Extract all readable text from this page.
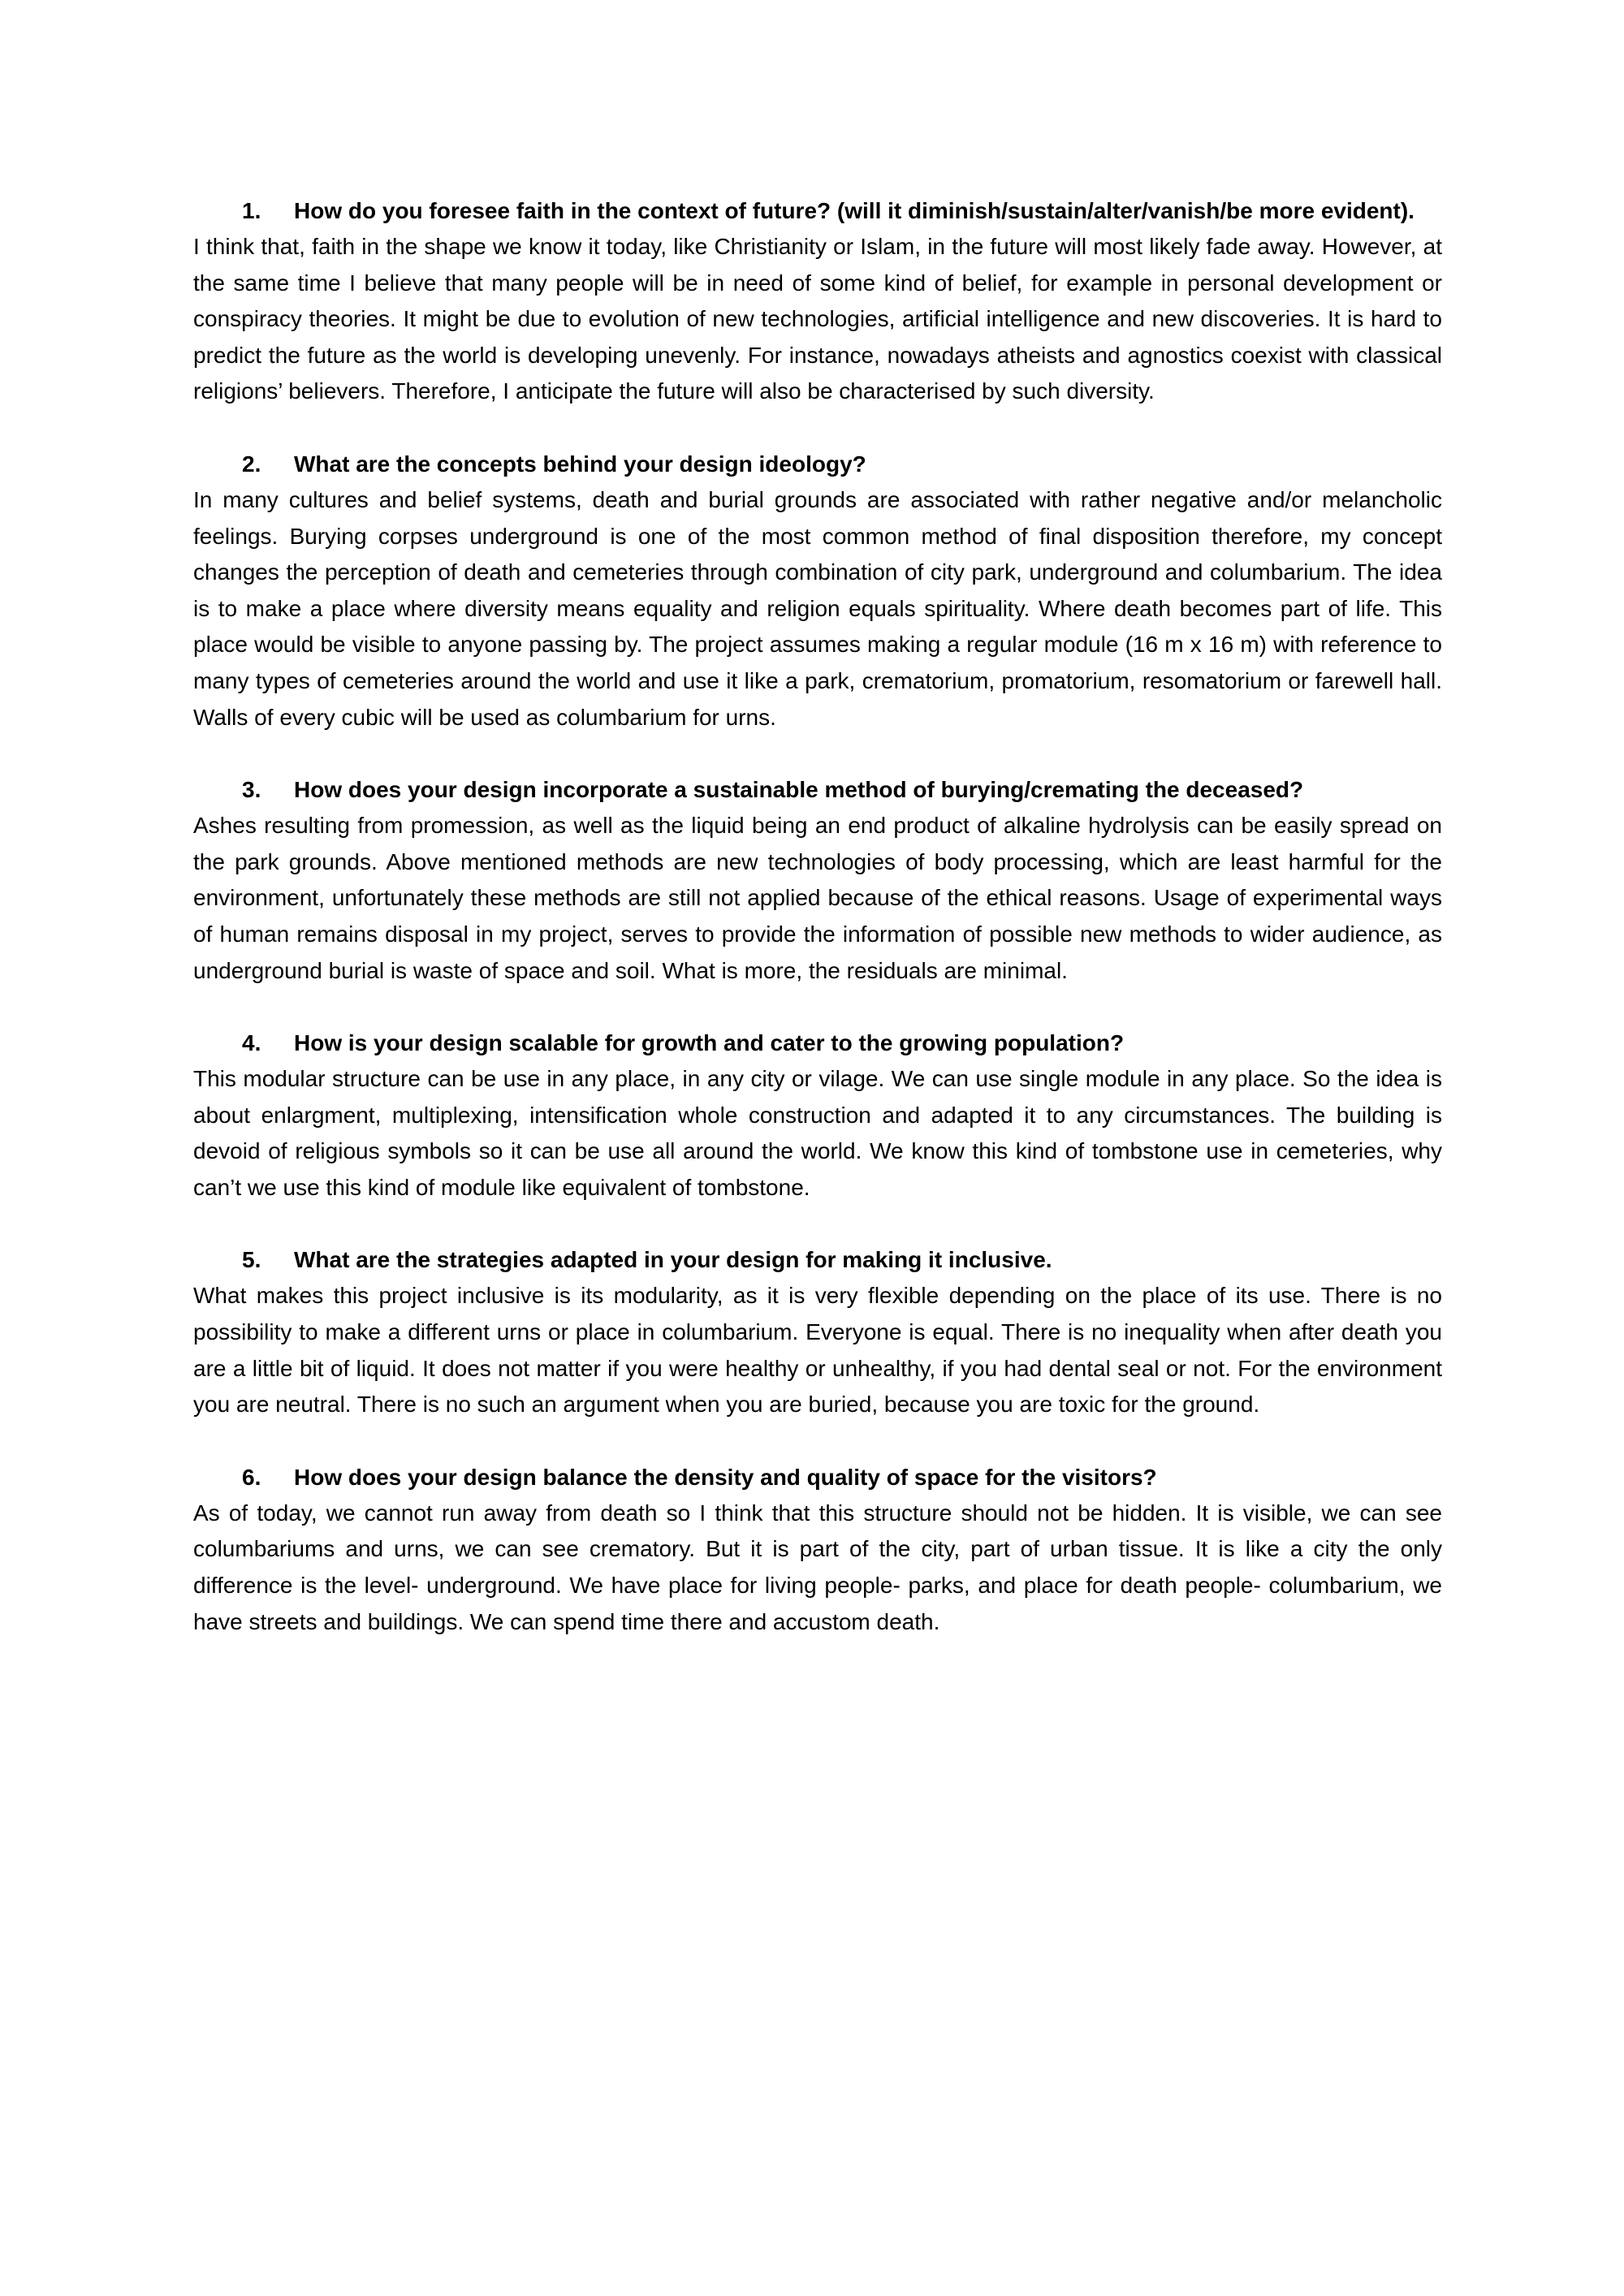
1.	How do you foresee faith in the context of future? (will it diminish/sustain/alter/vanish/be more evident).

I think that, faith in the shape we know it today, like Christianity or Islam, in the future will most likely fade away. However, at the same time I believe that many people will be in need of some kind of belief, for example in personal development or conspiracy theories. It might be due to evolution of new technologies, artificial intelligence and new discoveries. It is hard to predict the future as the world is developing unevenly. For instance, nowadays atheists and agnostics coexist with classical religions’ believers. Therefore, I anticipate the future will also be characterised by such diversity.

2.	What are the concepts behind your design ideology?

In many cultures and belief systems, death and burial grounds are associated with rather negative and/or melancholic feelings. Burying corpses underground is one of the most common method of final disposition therefore, my concept changes the perception of death and cemeteries through combination of city park, underground and columbarium. The idea is to make a place where diversity means equality and religion equals spirituality. Where death becomes part of life. This place would be visible to anyone passing by. The project assumes making a regular module (16 m x 16 m) with reference to many types of cemeteries around the world and use it like a park, crematorium, promatorium, resomatorium or farewell hall. Walls of every cubic will be used as columbarium for urns.

3.	How does your design incorporate a sustainable method of burying/cremating the deceased?

Ashes resulting from promession, as well as the liquid being an end product of alkaline hydrolysis can be easily spread on the park grounds. Above mentioned methods are new technologies of body processing, which are least harmful for the environment, unfortunately these methods are still not applied because of the ethical reasons. Usage of experimental ways of human remains disposal in my project, serves to provide the information of possible new methods to wider audience, as underground burial is waste of space and soil. What is more, the residuals are minimal.

4.	How is your design scalable for growth and cater to the growing population?

This modular structure can be use in any place, in any city or vilage. We can use single module in any place. So the idea is about enlargment, multiplexing, intensification whole construction and adapted it to any circumstances. The building is devoid of religious symbols so it can be use all around the world. We know this kind of tombstone use in cemeteries, why can’t we use this kind of module like equivalent of tombstone.

5.	What are the strategies adapted in your design for making it inclusive.

What makes this project inclusive is its modularity, as it is very flexible depending on the place of its use. There is no possibility to make a different urns or place in columbarium. Everyone is equal. There is no inequality when after death you are a little bit of liquid. It does not matter if you were healthy or unhealthy, if you had dental seal or not. For the environment you are neutral. There is no such an argument when you are buried, because you are toxic for the ground.

6.	How does your design balance the density and quality of space for the visitors?

As of today, we cannot run away from death so I think that this structure should not be hidden. It is visible, we can see columbariums and urns, we can see crematory. But it is part of the city, part of urban tissue. It is like a city the only difference is the level- underground. We have place for living people- parks, and place for death people- columbarium, we have streets and buildings. We can spend time there and accustom death.
